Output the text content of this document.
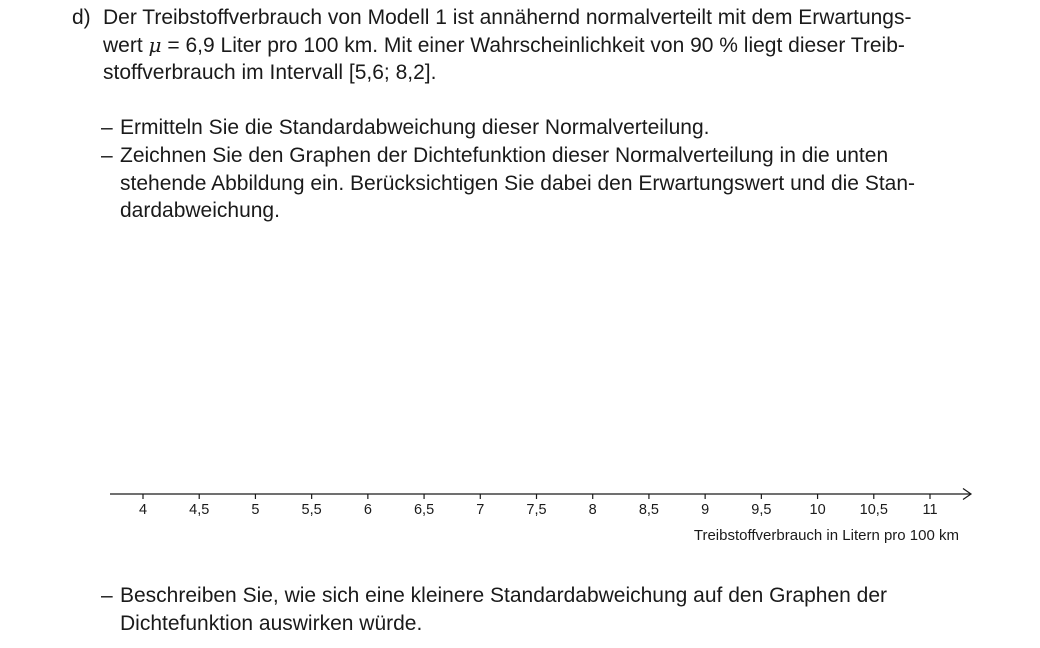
d) Der Treibstoffverbrauch von Modell 1 ist annähernd normalverteilt mit dem Erwartungs-
wert μ = 6,9 Liter pro 100 km. Mit einer Wahrscheinlichkeit von 90 % liegt dieser Treib-
stoffverbrauch im Intervall [5,6; 8,2].
– Ermitteln Sie die Standardabweichung dieser Normalverteilung.
– Zeichnen Sie den Graphen der Dichtefunktion dieser Normalverteilung in die unten
stehende Abbildung ein. Berücksichtigen Sie dabei den Erwartungswert und die Stan-
dardabweichung.
4	4,5	5	5,5	6	6,5	7	7,5	8	8,5	9	9,5	10 10,5 11
Treibstoffverbrauch in Litern pro 100 km
– Beschreiben Sie, wie sich eine kleinere Standardabweichung auf den Graphen der
Dichtefunktion auswirken würde.
